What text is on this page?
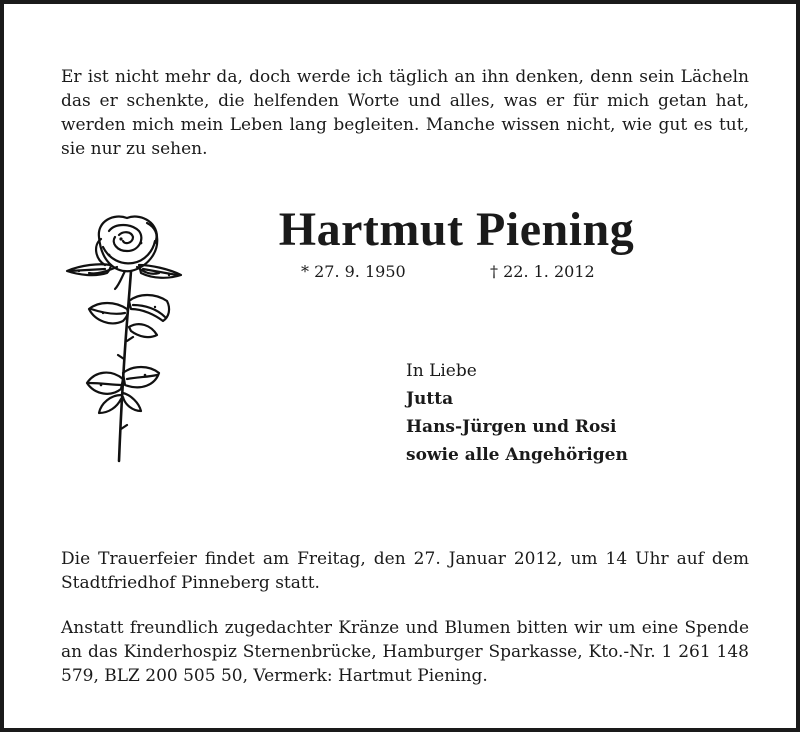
Er ist nicht mehr da, doch werde ich täglich an ihn denken, denn sein Lächeln das er schenkte, die helfenden Worte und alles, was er für mich getan hat, werden mich mein Leben lang begleiten. Manche wissen nicht, wie gut es tut, sie nur zu sehen.

Hartmut Piening
* 27. 9. 1950	† 22. 1. 2012
In Liebe
Jutta
Hans-Jürgen und Rosi
sowie alle Angehörigen

Die Trauerfeier findet am Freitag, den 27. Januar 2012, um 14 Uhr auf dem Stadtfriedhof Pinneberg statt.

Anstatt freundlich zugedachter Kränze und Blumen bitten wir um eine Spende an das Kinderhospiz Sternenbrücke, Hamburger Sparkasse, Kto.-Nr. 1 261 148 579, BLZ 200 505 50, Vermerk: Hartmut Piening.
